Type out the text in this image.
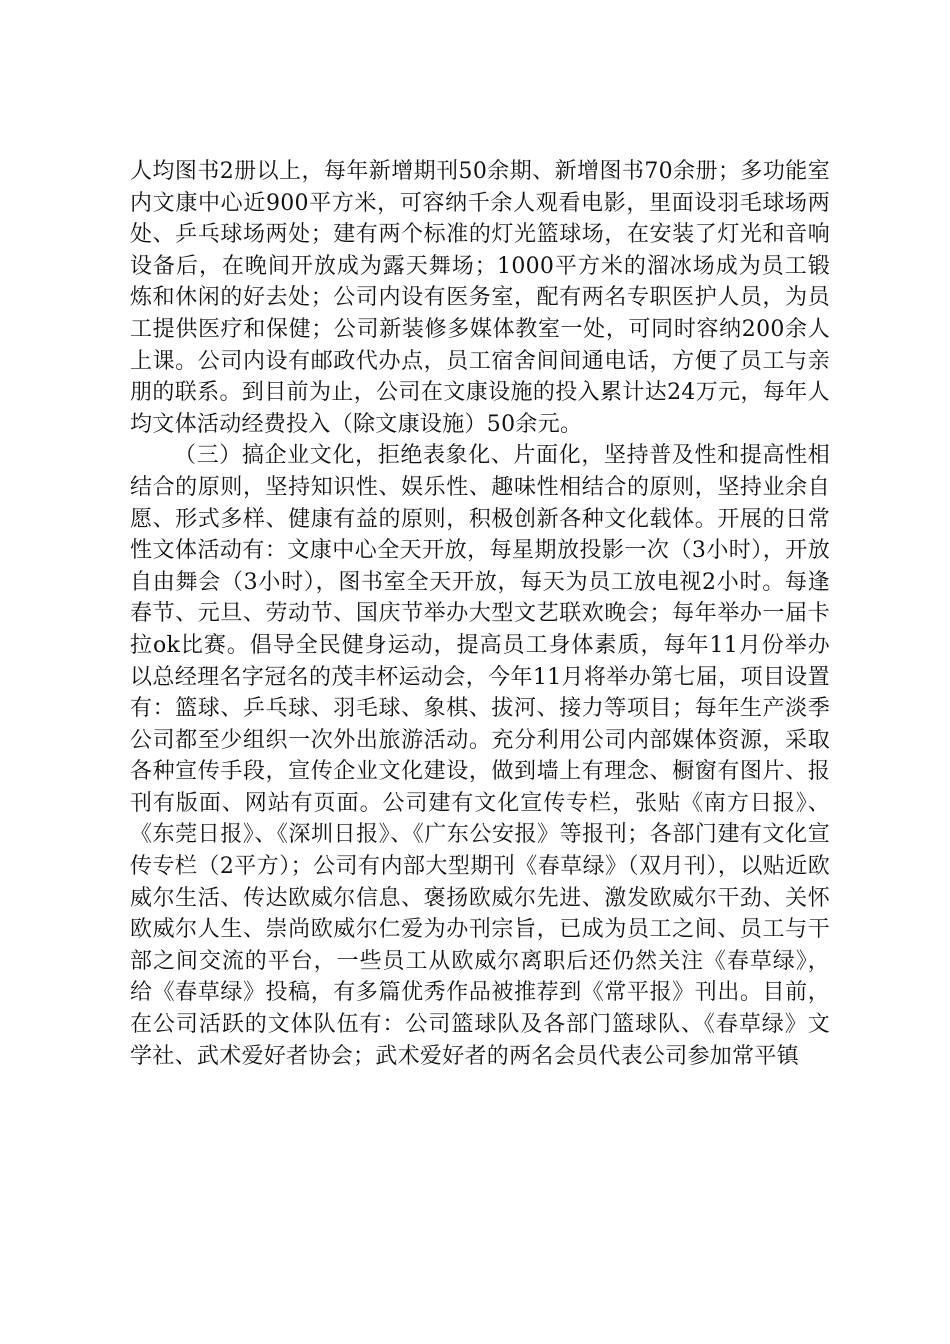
人均图书2册以上，每年新增期刊50余期、新增图书70余册；多功能室内文康中心近900平方米，可容纳千余人观看电影，里面设羽毛球场两处、乒乓球场两处；建有两个标准的灯光篮球场，在安装了灯光和音响设备后，在晚间开放成为露天舞场；1000平方米的溜冰场成为员工锻炼和休闲的好去处；公司内设有医务室，配有两名专职医护人员，为员工提供医疗和保健；公司新装修多媒体教室一处，可同时容纳200余人上课。公司内设有邮政代办点，员工宿舍间间通电话，方便了员工与亲朋的联系。到目前为止，公司在文康设施的投入累计达24万元，每年人均文体活动经费投入（除文康设施）50余元。

（三）搞企业文化，拒绝表象化、片面化，坚持普及性和提高性相结合的原则，坚持知识性、娱乐性、趣味性相结合的原则，坚持业余自愿、形式多样、健康有益的原则，积极创新各种文化载体。开展的日常性文体活动有：文康中心全天开放，每星期放投影一次（3小时），开放自由舞会（3小时），图书室全天开放，每天为员工放电视2小时。每逢春节、元旦、劳动节、国庆节举办大型文艺联欢晚会；每年举办一届卡拉ok比赛。倡导全民健身运动，提高员工身体素质，每年11月份举办以总经理名字冠名的茂丰杯运动会，今年11月将举办第七届，项目设置有：篮球、乒乓球、羽毛球、象棋、拔河、接力等项目；每年生产淡季公司都至少组织一次外出旅游活动。充分利用公司内部媒体资源，采取各种宣传手段，宣传企业文化建设，做到墙上有理念、橱窗有图片、报刊有版面、网站有页面。公司建有文化宣传专栏，张贴《南方日报》、《东莞日报》、《深圳日报》、《广东公安报》等报刊；各部门建有文化宣传专栏（2平方）；公司有内部大型期刊《春草绿》（双月刊），以贴近欧威尔生活、传达欧威尔信息、褒扬欧威尔先进、激发欧威尔干劲、关怀欧威尔人生、崇尚欧威尔仁爱为办刊宗旨，已成为员工之间、员工与干部之间交流的平台，一些员工从欧威尔离职后还仍然关注《春草绿》，给《春草绿》投稿，有多篇优秀作品被推荐到《常平报》刊出。目前，在公司活跃的文体队伍有：公司篮球队及各部门篮球队、《春草绿》文学社、武术爱好者协会；武术爱好者的两名会员代表公司参加常平镇
